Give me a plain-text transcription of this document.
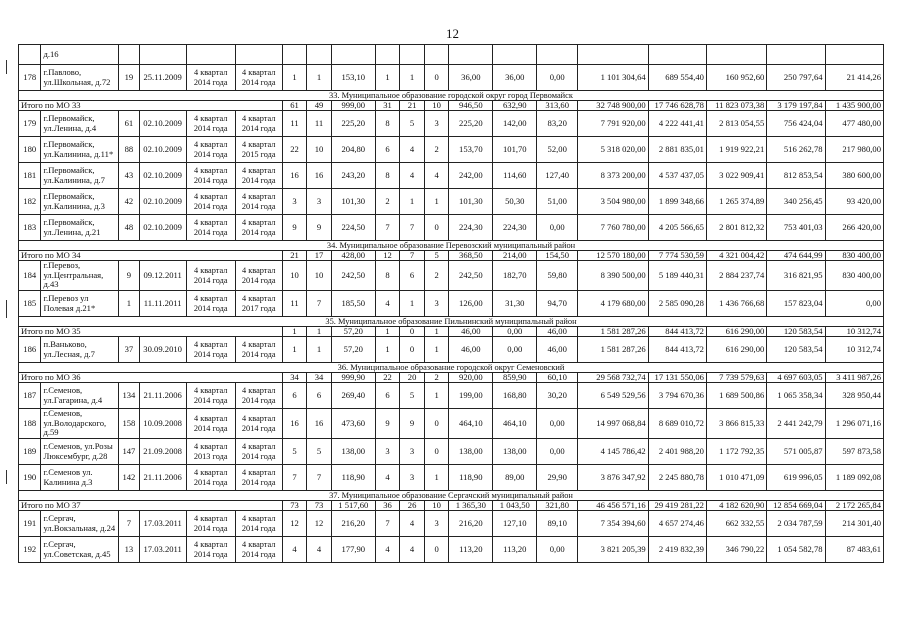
12
	д.16																		
178	г.Павлово, ул.Школьная, д.72	19	25.11.2009	4 квартал 2014 года	4 квартал 2014 года	1	1	153,10	1	1	0	36,00	36,00	0,00	1 101 304,64	689 554,40	160 952,60	250 797,64	21 414,26
33. Муниципальное образование городской округ город Первомайск																			
Итого по МО 33						61	49	999,00	31	21	10	946,50	632,90	313,60	32 748 900,00	17 746 628,78	11 823 073,38	3 179 197,84	1 435 900,00
179	г.Первомайск, ул.Ленина, д.4	61	02.10.2009	4 квартал 2014 года	4 квартал 2014 года	11	11	225,20	8	5	3	225,20	142,00	83,20	7 791 920,00	4 222 441,41	2 813 054,55	756 424,04	477 480,00
180	г.Первомайск, ул.Калинина, д.11*	88	02.10.2009	4 квартал 2014 года	4 квартал 2015 года	22	10	204,80	6	4	2	153,70	101,70	52,00	5 318 020,00	2 881 835,01	1 919 922,21	516 262,78	217 980,00
181	г.Первомайск, ул.Калинина, д.7	43	02.10.2009	4 квартал 2014 года	4 квартал 2014 года	16	16	243,20	8	4	4	242,00	114,60	127,40	8 373 200,00	4 537 437,05	3 022 909,41	812 853,54	380 600,00
182	г.Первомайск, ул.Калинина, д.3	42	02.10.2009	4 квартал 2014 года	4 квартал 2014 года	3	3	101,30	2	1	1	101,30	50,30	51,00	3 504 980,00	1 899 348,66	1 265 374,89	340 256,45	93 420,00
183	г.Первомайск, ул.Ленина, д.21	48	02.10.2009	4 квартал 2014 года	4 квартал 2014 года	9	9	224,50	7	7	0	224,30	224,30	0,00	7 760 780,00	4 205 566,65	2 801 812,32	753 401,03	266 420,00
34. Муниципальное образование Перевозский муниципальный район																			
Итого по МО 34						21	17	428,00	12	7	5	368,50	214,00	154,50	12 570 180,00	7 774 530,59	4 321 004,42	474 644,99	830 400,00
184	г.Перевоз, ул.Центральная, д.43	9	09.12.2011	4 квартал 2014 года	4 квартал 2014 года	10	10	242,50	8	6	2	242,50	182,70	59,80	8 390 500,00	5 189 440,31	2 884 237,74	316 821,95	830 400,00
185	г.Перевоз ул Полевая д.21*	1	11.11.2011	4 квартал 2014 года	4 квартал 2017 года	11	7	185,50	4	1	3	126,00	31,30	94,70	4 179 680,00	2 585 090,28	1 436 766,68	157 823,04	0,00
35. Муниципальное образование Пильнинский муниципальный район																			
Итого по МО 35						1	1	57,20	1	0	1	46,00	0,00	46,00	1 581 287,26	844 413,72	616 290,00	120 583,54	10 312,74
186	п.Ваньково, ул.Лесная, д.7	37	30.09.2010	4 квартал 2014 года	4 квартал 2014 года	1	1	57,20	1	0	1	46,00	0,00	46,00	1 581 287,26	844 413,72	616 290,00	120 583,54	10 312,74
36. Муниципальное образование городской округ Семеновский																			
Итого по МО 36						34	34	999,90	22	20	2	920,00	859,90	60,10	29 568 732,74	17 131 550,06	7 739 579,63	4 697 603,05	3 411 987,26
187	г.Семенов, ул.Гагарина, д.4	134	21.11.2006	4 квартал 2014 года	4 квартал 2014 года	6	6	269,40	6	5	1	199,00	168,80	30,20	6 549 529,56	3 794 670,36	1 689 500,86	1 065 358,34	328 950,44
188	г.Семенов, ул.Володарского, д.59	158	10.09.2008	4 квартал 2014 года	4 квартал 2014 года	16	16	473,60	9	9	0	464,10	464,10	0,00	14 997 068,84	8 689 010,72	3 866 815,33	2 441 242,79	1 296 071,16
189	г.Семенов, ул.Розы Люксембург, д.28	147	21.09.2008	4 квартал 2013 года	4 квартал 2014 года	5	5	138,00	3	3	0	138,00	138,00	0,00	4 145 786,42	2 401 988,20	1 172 792,35	571 005,87	597 873,58
190	г.Семенов ул. Калинина д.3	142	21.11.2006	4 квартал 2014 года	4 квартал 2014 года	7	7	118,90	4	3	1	118,90	89,00	29,90	3 876 347,92	2 245 880,78	1 010 471,09	619 996,05	1 189 092,08
37. Муниципальное образование Сергачский муниципальный район																			
Итого по МО 37						73	73	1 517,60	36	26	10	1 365,30	1 043,50	321,80	46 456 571,16	29 419 281,22	4 182 620,90	12 854 669,04	2 172 265,84
191	г.Сергач, ул.Вокзальная, д.24	7	17.03.2011	4 квартал 2014 года	4 квартал 2014 года	12	12	216,20	7	4	3	216,20	127,10	89,10	7 354 394,60	4 657 274,46	662 332,55	2 034 787,59	214 301,40
192	г.Сергач, ул.Советская, д.45	13	17.03.2011	4 квартал 2014 года	4 квартал 2014 года	4	4	177,90	4	4	0	113,20	113,20	0,00	3 821 205,39	2 419 832,39	346 790,22	1 054 582,78	87 483,61
